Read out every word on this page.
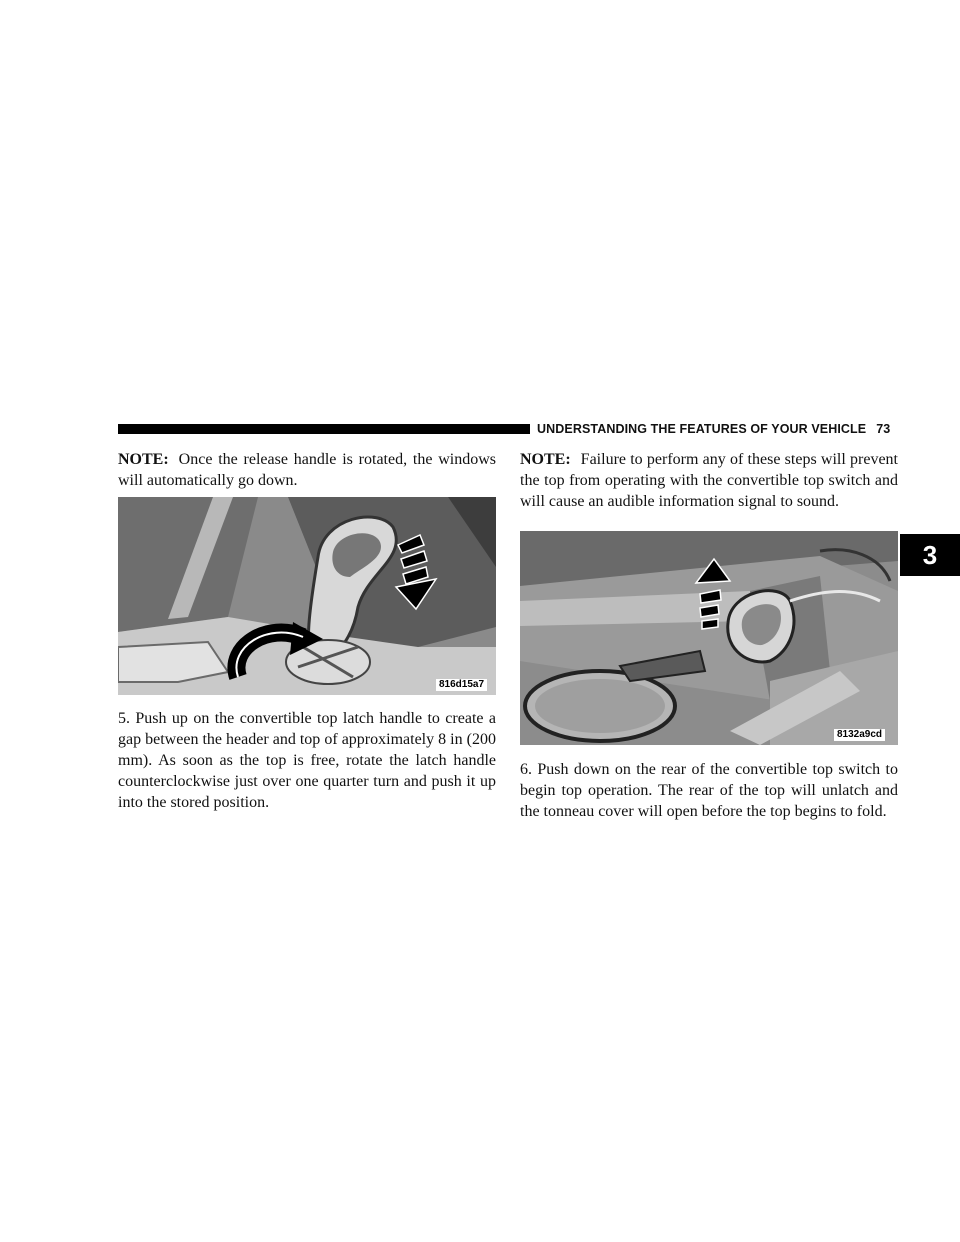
UNDERSTANDING THE FEATURES OF YOUR VEHICLE 73
3

NOTE: Once the release handle is rotated, the windows will automatically go down.

816d15a7

5. Push up on the convertible top latch handle to create a gap between the header and top of approximately 8 in (200 mm). As soon as the top is free, rotate the latch handle counterclockwise just over one quarter turn and push it up into the stored position.

NOTE: Failure to perform any of these steps will prevent the top from operating with the convertible top switch and will cause an audible information signal to sound.

8132a9cd

6. Push down on the rear of the convertible top switch to begin top operation. The rear of the top will unlatch and the tonneau cover will open before the top begins to fold.
